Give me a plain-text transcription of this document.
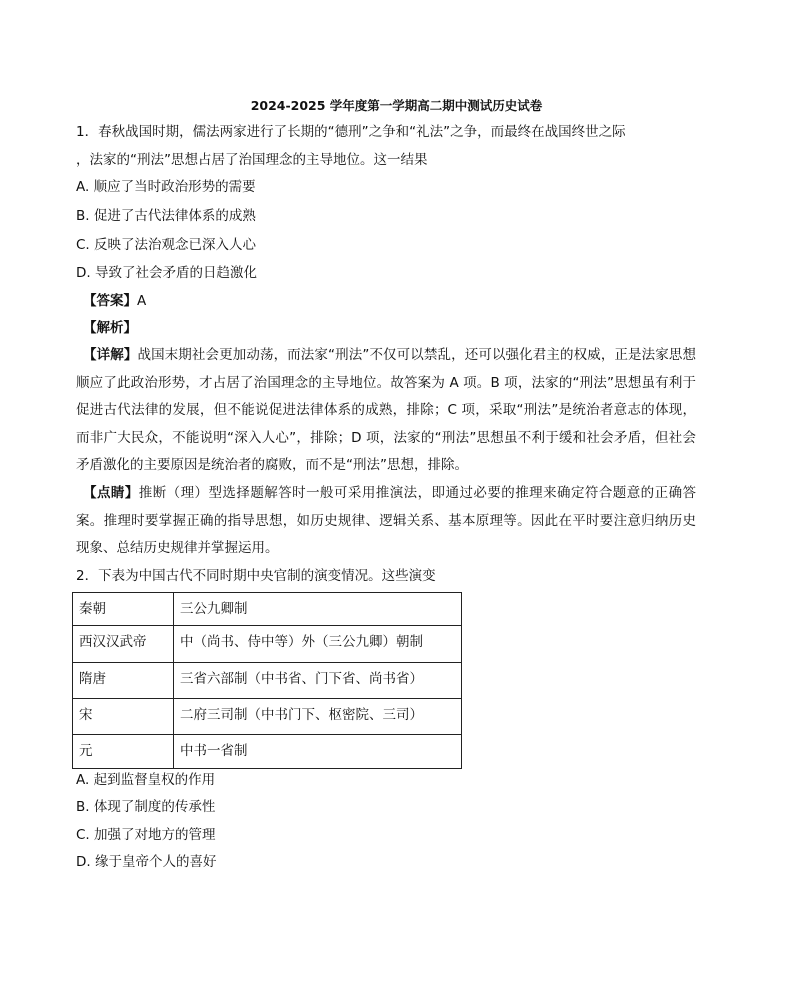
2024-2025 学年度第一学期高二期中测试历史试卷
1．春秋战国时期，儒法两家进行了长期的“德刑”之争和“礼法”之争，而最终在战国终世之际
，法家的“刑法”思想占居了治国理念的主导地位。这一结果
A. 顺应了当时政治形势的需要
B. 促进了古代法律体系的成熟
C. 反映了法治观念已深入人心
D. 导致了社会矛盾的日趋激化
【答案】A
【解析】
【详解】战国末期社会更加动荡，而法家“刑法”不仅可以禁乱，还可以强化君主的权威，正是法家思想顺应了此政治形势，才占居了治国理念的主导地位。故答案为 A 项。B 项，法家的“刑法”思想虽有利于促进古代法律的发展，但不能说促进法律体系的成熟，排除；C 项，采取“刑法”是统治者意志的体现，而非广大民众，不能说明“深入人心”，排除；D 项，法家的“刑法”思想虽不利于缓和社会矛盾，但社会矛盾激化的主要原因是统治者的腐败，而不是“刑法”思想，排除。
【点睛】推断（理）型选择题解答时一般可采用推演法，即通过必要的推理来确定符合题意的正确答案。推理时要掌握正确的指导思想，如历史规律、逻辑关系、基本原理等。因此在平时要注意归纳历史现象、总结历史规律并掌握运用。
2．下表为中国古代不同时期中央官制的演变情况。这些演变
秦朝	三公九卿制
西汉汉武帝	中（尚书、侍中等）外（三公九卿）朝制
隋唐	三省六部制（中书省、门下省、尚书省）
宋	二府三司制（中书门下、枢密院、三司）
元	中书一省制
A. 起到监督皇权的作用
B. 体现了制度的传承性
C. 加强了对地方的管理
D. 缘于皇帝个人的喜好
